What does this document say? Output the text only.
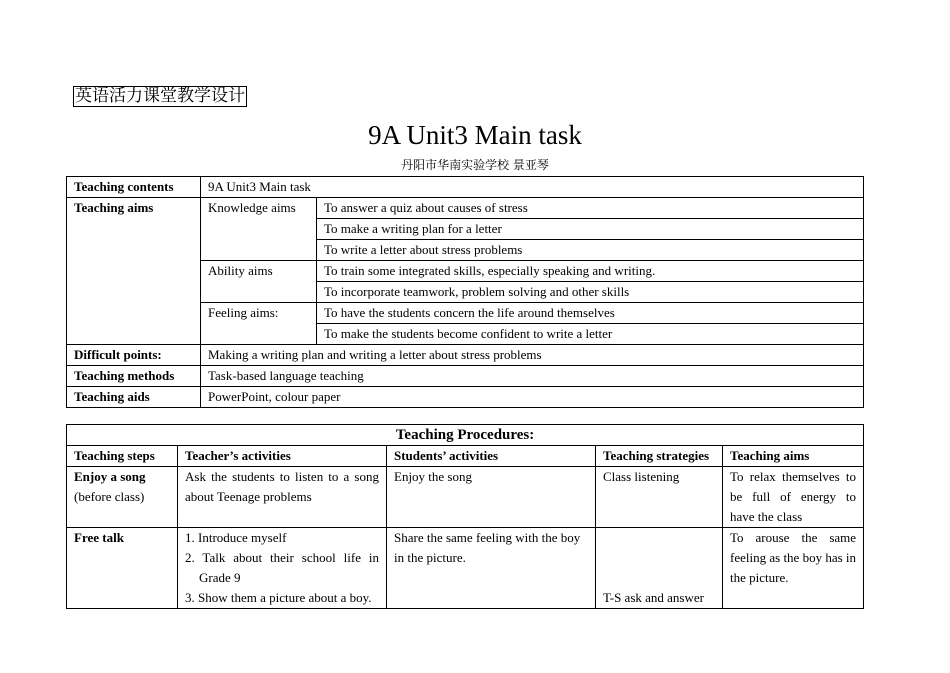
英语活力课堂教学设计
9A Unit3 Main task
丹阳市华南实验学校 景亚琴
Teaching contents	9A Unit3 Main task	
Teaching aims	Knowledge aims	To answer a quiz about causes of stress
		To make a writing plan for a letter
		To write a letter about stress problems
	Ability aims	To train some integrated skills, especially speaking and writing.
		To incorporate teamwork, problem solving and other skills
	Feeling aims:	To have the students concern the life around themselves
		To make the students become confident to write a letter
Difficult points:	Making a writing plan and writing a letter about stress problems	
Teaching methods	Task-based language teaching	
Teaching aids	PowerPoint, colour paper	
Teaching Procedures:				
Teaching steps	Teacher’s activities	Students’ activities	Teaching strategies	Teaching aims
Enjoy a song
(before class)	Ask the students to listen to a song about Teenage problems	Enjoy the song	Class listening	To relax themselves to be full of energy to have the class
Free talk	1. Introduce myself
2. Talk about their school life in Grade 9
3. Show them a picture about a boy.	Share the same feeling with the boy in the picture.	T-S ask and answer	To arouse the same feeling as the boy has in the picture.
